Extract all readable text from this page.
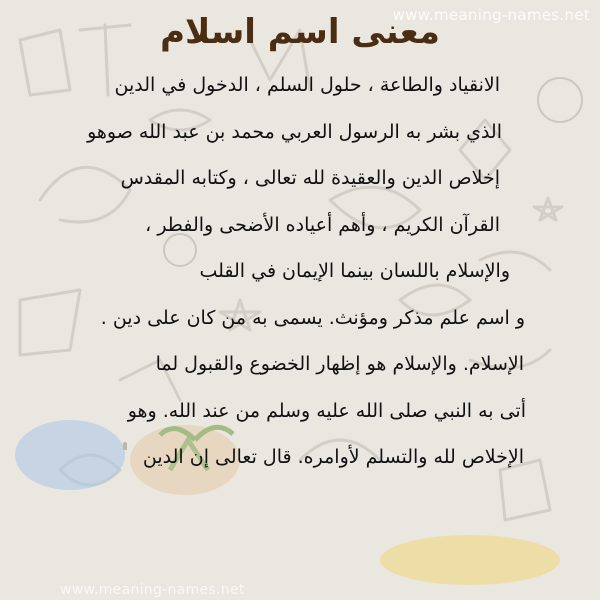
www.meaning-names.net
www.meaning-names.net
معنى اسم اسلام
الانقياد والطاعة ، حلول السلم ، الدخول في الدين
الذي بشر به الرسول العربي محمد بن عبد الله صوهو
إخلاص الدين والعقيدة لله تعالى ، وكتابه المقدس
القرآن الكريم ، وأهم أعياده الأضحى والفطر ،
والإسلام باللسان بينما الإيمان في القلب
و اسم علم مذكر ومؤنث. يسمى به من كان على دين .
الإسلام. والإسلام هو إظهار الخضوع والقبول لما
أتى به النبي صلى الله عليه وسلم من عند الله. وهو
الإخلاص لله والتسلم لأوامره. قال تعالى إن الدين
